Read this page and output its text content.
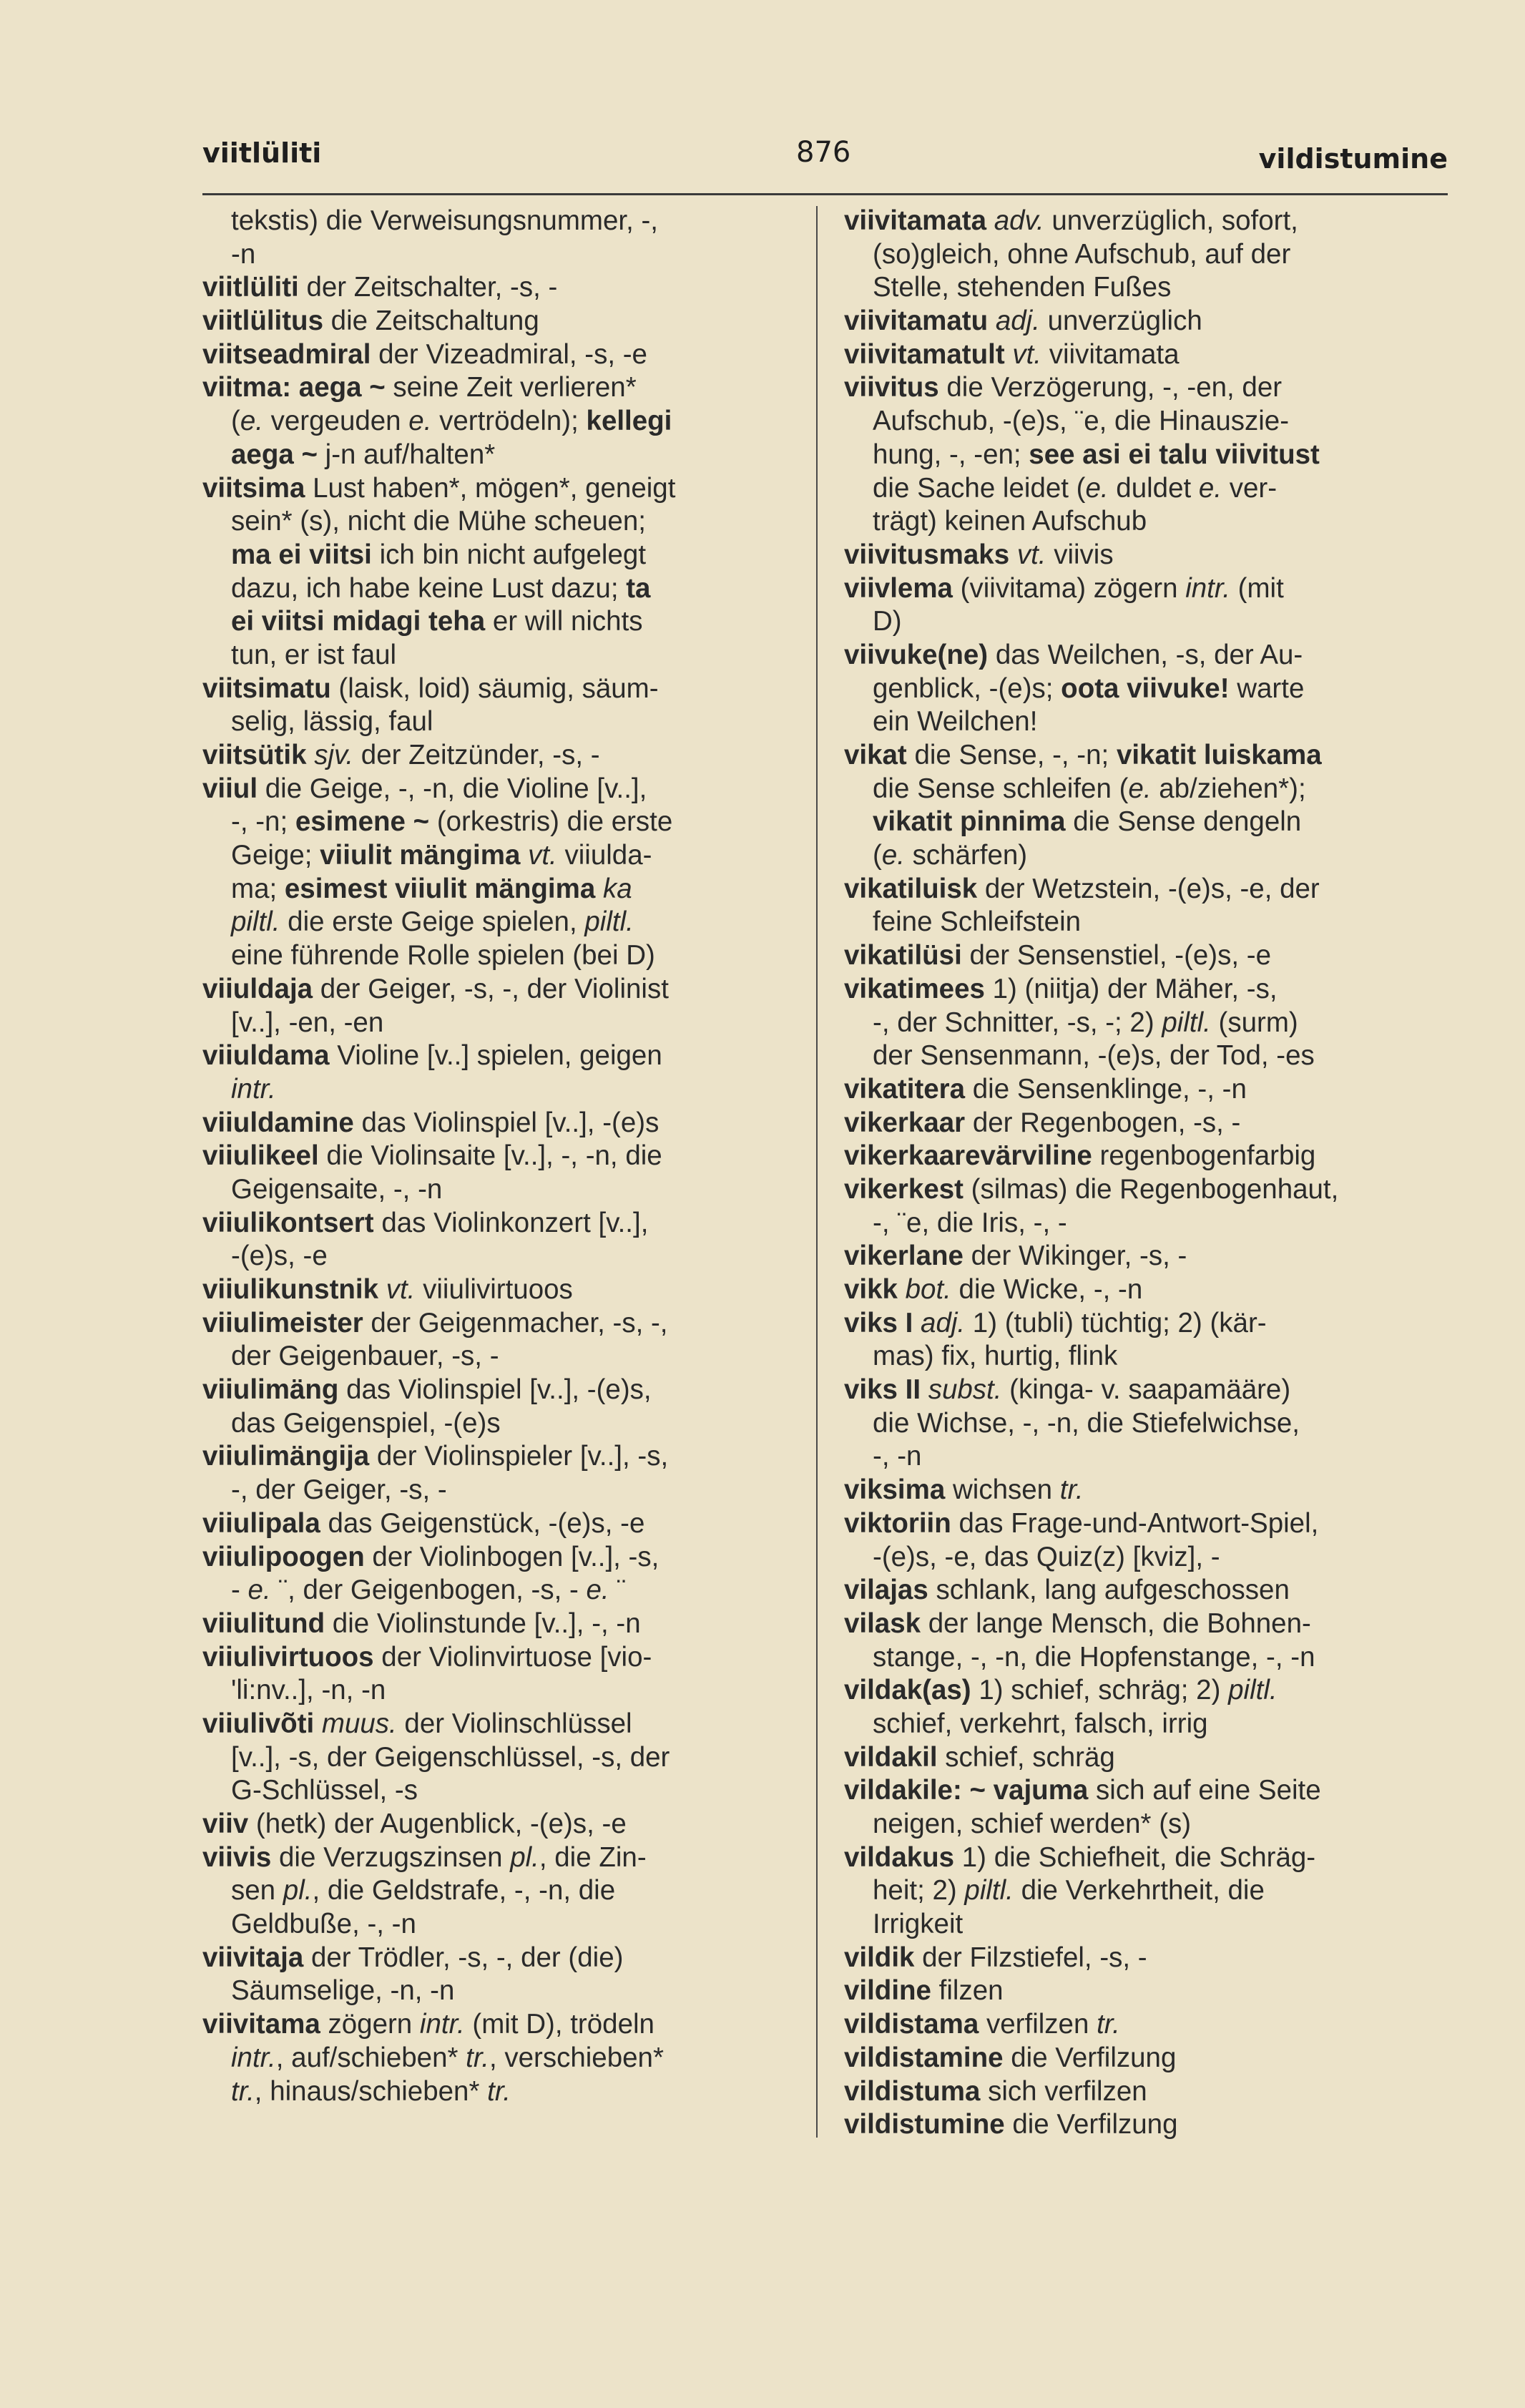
viitlüliti	876	vildistumine
tekstis) die Verweisungsnummer, -,
-n
viitlüliti der Zeitschalter, -s, -
viitlülitus die Zeitschaltung
viitseadmiral der Vizeadmiral, -s, -e
viitma: aega ~ seine Zeit verlieren*
(e. vergeuden e. vertrödeln); kellegi
aega ~ j-n auf/halten*
viitsima Lust haben*, mögen*, geneigt
sein* (s), nicht die Mühe scheuen;
ma ei viitsi ich bin nicht aufgelegt
dazu, ich habe keine Lust dazu; ta
ei viitsi midagi teha er will nichts
tun, er ist faul
viitsimatu (laisk, loid) säumig, säum-
selig, lässig, faul
viitsütik sjv. der Zeitzünder, -s, -
viiul die Geige, -, -n, die Violine [v..],
-, -n; esimene ~ (orkestris) die erste
Geige; viiulit mängima vt. viiulda-
ma; esimest viiulit mängima ka
piltl. die erste Geige spielen, piltl.
eine führende Rolle spielen (bei D)
viiuldaja der Geiger, -s, -, der Violinist
[v..], -en, -en
viiuldama Violine [v..] spielen, geigen
intr.
viiuldamine das Violinspiel [v..], -(e)s
viiulikeel die Violinsaite [v..], -, -n, die
Geigensaite, -, -n
viiulikontsert das Violinkonzert [v..],
-(e)s, -e
viiulikunstnik vt. viiulivirtuoos
viiulimeister der Geigenmacher, -s, -,
der Geigenbauer, -s, -
viiulimäng das Violinspiel [v..], -(e)s,
das Geigenspiel, -(e)s
viiulimängija der Violinspieler [v..], -s,
-, der Geiger, -s, -
viiulipala das Geigenstück, -(e)s, -e
viiulipoogen der Violinbogen [v..], -s,
- e. ¨, der Geigenbogen, -s, - e. ¨
viiulitund die Violinstunde [v..], -, -n
viiulivirtuoos der Violinvirtuose [vio-
'li:nv..], -n, -n
viiulivõti muus. der Violinschlüssel
[v..], -s, der Geigenschlüssel, -s, der
G-Schlüssel, -s
viiv (hetk) der Augenblick, -(e)s, -e
viivis die Verzugszinsen pl., die Zin-
sen pl., die Geldstrafe, -, -n, die
Geldbuße, -, -n
viivitaja der Trödler, -s, -, der (die)
Säumselige, -n, -n
viivitama zögern intr. (mit D), trödeln
intr., auf/schieben* tr., verschieben*
tr., hinaus/schieben* tr.
viivitamata adv. unverzüglich, sofort,
(so)gleich, ohne Aufschub, auf der
Stelle, stehenden Fußes
viivitamatu adj. unverzüglich
viivitamatult vt. viivitamata
viivitus die Verzögerung, -, -en, der
Aufschub, -(e)s, ¨e, die Hinauszie-
hung, -, -en; see asi ei talu viivitust
die Sache leidet (e. duldet e. ver-
trägt) keinen Aufschub
viivitusmaks vt. viivis
viivlema (viivitama) zögern intr. (mit
D)
viivuke(ne) das Weilchen, -s, der Au-
genblick, -(e)s; oota viivuke! warte
ein Weilchen!
vikat die Sense, -, -n; vikatit luiskama
die Sense schleifen (e. ab/ziehen*);
vikatit pinnima die Sense dengeln
(e. schärfen)
vikatiluisk der Wetzstein, -(e)s, -e, der
feine Schleifstein
vikatilüsi der Sensenstiel, -(e)s, -e
vikatimees 1) (niitja) der Mäher, -s,
-, der Schnitter, -s, -; 2) piltl. (surm)
der Sensenmann, -(e)s, der Tod, -es
vikatitera die Sensenklinge, -, -n
vikerkaar der Regenbogen, -s, -
vikerkaarevärviline regenbogenfarbig
vikerkest (silmas) die Regenbogenhaut,
-, ¨e, die Iris, -, -
vikerlane der Wikinger, -s, -
vikk bot. die Wicke, -, -n
viks I adj. 1) (tubli) tüchtig; 2) (kär-
mas) fix, hurtig, flink
viks II subst. (kinga- v. saapamääre)
die Wichse, -, -n, die Stiefelwichse,
-, -n
viksima wichsen tr.
viktoriin das Frage-und-Antwort-Spiel,
-(e)s, -e, das Quiz(z) [kviz], -
vilajas schlank, lang aufgeschossen
vilask der lange Mensch, die Bohnen-
stange, -, -n, die Hopfenstange, -, -n
vildak(as) 1) schief, schräg; 2) piltl.
schief, verkehrt, falsch, irrig
vildakil schief, schräg
vildakile: ~ vajuma sich auf eine Seite
neigen, schief werden* (s)
vildakus 1) die Schiefheit, die Schräg-
heit; 2) piltl. die Verkehrtheit, die
Irrigkeit
vildik der Filzstiefel, -s, -
vildine filzen
vildistama verfilzen tr.
vildistamine die Verfilzung
vildistuma sich verfilzen
vildistumine die Verfilzung
